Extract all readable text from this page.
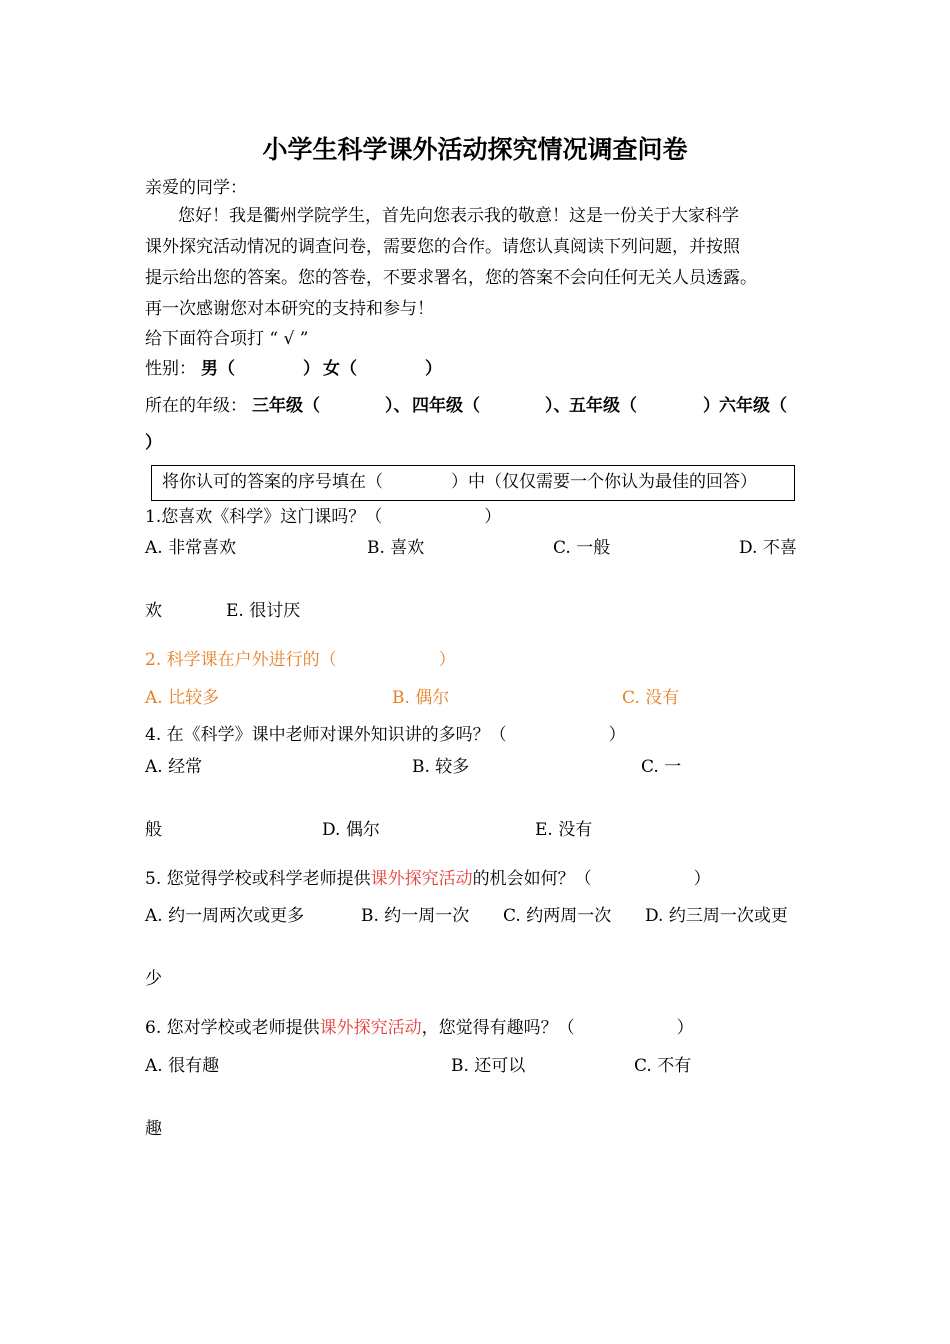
小学生科学课外活动探究情况调查问卷
亲爱的同学：
您好！我是衢州学院学生，首先向您表示我的敬意！这是一份关于大家科学
课外探究活动情况的调查问卷，需要您的合作。请您认真阅读下列问题，并按照
提示给出您的答案。您的答卷，不要求署名，您的答案不会向任何无关人员透露。
再一次感谢您对本研究的支持和参与！
给下面符合项打 “ √ ”
性别： 男（	） 女（	）
所在的年级： 三年级（	）、 四年级（	）、
五年级（	） 六年级（
）
将你认可的答案的序号填在（　　　　）中（仅仅需要一个你认为最佳的回答）
1.您喜欢《科学》这门课吗？（　　　　　　）
A. 非常喜欢	B. 喜欢	C. 一般	D. 不喜
欢	E. 很讨厌
2. 科学课在户外进行的（　　　　　　）
A. 比较多	B. 偶尔	C. 没有
4. 在《科学》课中老师对课外知识讲的多吗？（　　　　　　）
A. 经常	B. 较多	C. 一
般	D. 偶尔	E. 没有
5. 您觉得学校或科学老师提供课外探究活动的机会如何？（　　　　　　）
A. 约一周两次或更多	B. 约一周一次 C. 约两周一次 D. 约三周一次或更
少
6. 您对学校或老师提供课外探究活动，您觉得有趣吗？（　　　　　　）
A. 很有趣	B. 还可以	C. 不有
趣
